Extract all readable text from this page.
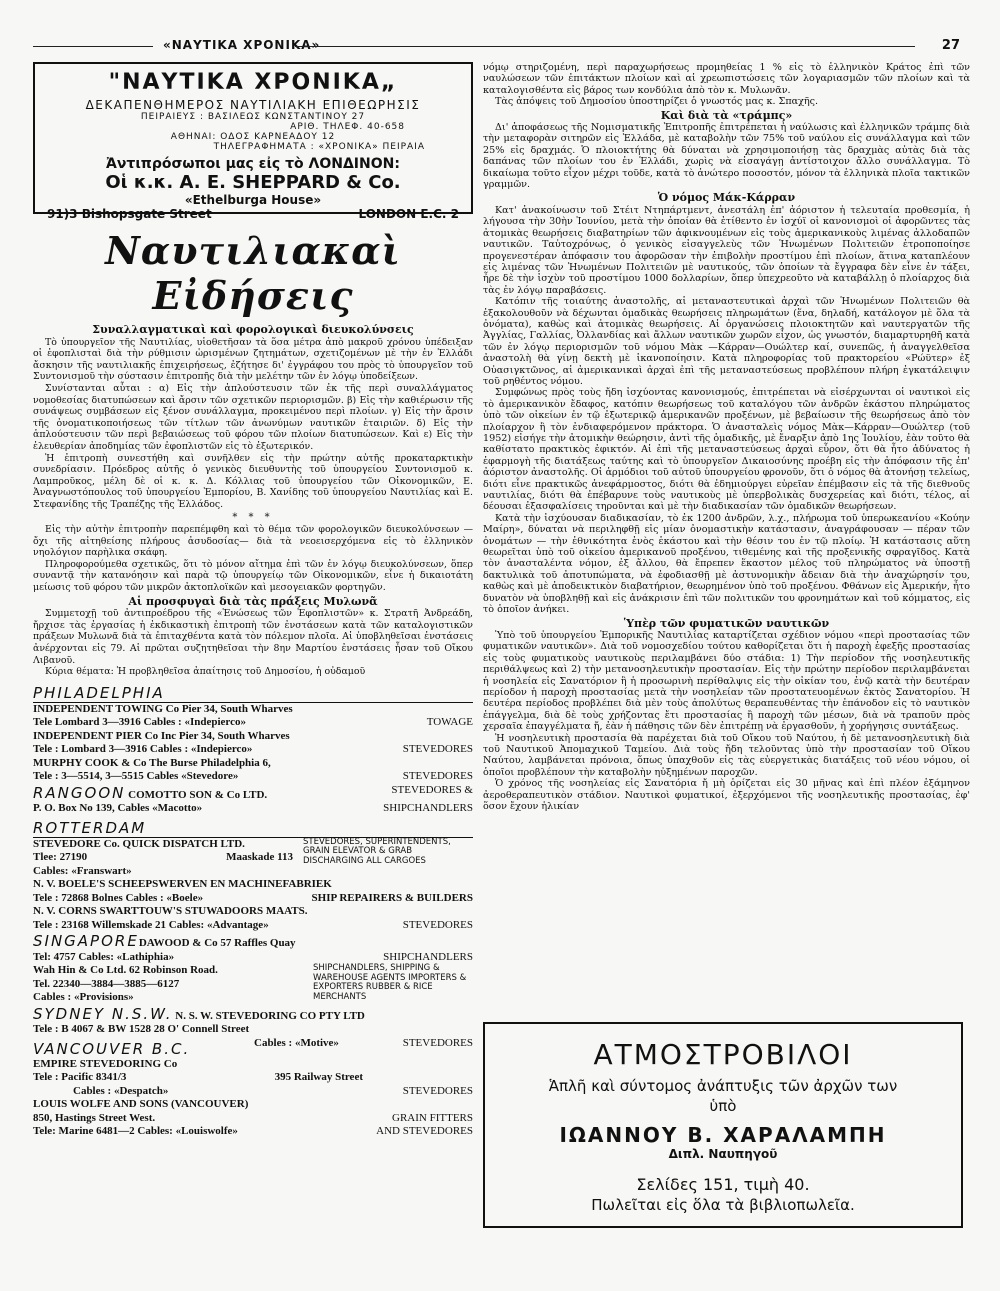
«ΝΑΥΤΙΚΑ ΧΡΟΝΙΚΑ»	27
"ΝΑΥΤΙΚΑ ΧΡΟΝΙΚΑ„
ΔΕΚΑΠΕΝΘΗΜΕΡΟΣ ΝΑΥΤΙΛΙΑΚΗ ΕΠΙΘΕΩΡΗΣΙΣ
ΠΕΙΡΑΙΕΥΣ : ΒΑΣΙΛΕΩΣ ΚΩΝΣΤΑΝΤΙΝΟΥ 27
ΑΡΙΘ. ΤΗΛΕΦ. 40-658
ΑΘΗΝΑΙ: ΟΔΟΣ ΚΑΡΝΕΑΔΟΥ 12
ΤΗΛΕΓΡΑΦΗΜΑΤΑ : «ΧΡΟΝΙΚΑ» ΠΕΙΡΑΙΑ
Ἀντιπρόσωποι μας εἰς τὸ ΛΟΝΔΙΝΟΝ:
Οἱ κ.κ. A. E. SHEPPARD & Co.
«Ethelburga House»
91)3 Bishopsgate Street	LONDON E.C. 2
Ναυτιλιακαὶ Εἰδήσεις
Συναλλαγματικαὶ καὶ φορολογικαὶ διευκολύνσεις

Τὸ ὑπουργεῖον τῆς Ναυτιλίας, υἱοθετῆσαν τὰ ὅσα μέτρα ἀπὸ μακροῦ χρόνου ὑπέδειξαν οἱ ἐφοπλισταὶ διὰ τὴν ρύθμισιν ὡρισμένων ζητημάτων, σχετιζομένων μὲ τὴν ἐν Ἑλλάδι ἄσκησιν τῆς ναυτιλιακῆς ἐπιχειρήσεως, ἐζήτησε δι' ἐγγράφου του πρὸς τὸ ὑπουργεῖον τοῦ Συντονισμοῦ τὴν σύστασιν ἐπιτροπῆς διὰ τὴν μελέτην τῶν ἐν λόγῳ ὑποδείξεων.

Συνίστανται αὗται : α) Εἰς τὴν ἀπλούστευσιν τῶν ἐκ τῆς περὶ συναλλάγματος νομοθεσίας διατυπώσεων καὶ ἄρσιν τῶν σχετικῶν περιορισμῶν. β) Εἰς τὴν καθιέρωσιν τῆς συνάψεως συμβάσεων εἰς ξένον συνάλλαγμα, προκειμένου περὶ πλοίων. γ) Εἰς τὴν ἄρσιν τῆς ὀνοματικοποιήσεως τῶν τίτλων τῶν ἀνωνύμων ναυτικῶν ἑταιριῶν. δ) Εἰς τὴν ἁπλούστευσιν τῶν περὶ βεβαιώσεως τοῦ φόρου τῶν πλοίων διατυπώσεων. Καὶ ε) Εἰς τὴν ἐλευθερίαν ἀποδημίας τῶν ἐφοπλιστῶν εἰς τὸ ἐξωτερικόν.

Ἡ ἐπιτροπὴ συνεστήθη καὶ συνῆλθεν εἰς τὴν πρώτην αὐτῆς προκαταρκτικὴν συνεδρίασιν. Πρόεδρος αὐτῆς ὁ γενικὸς διευθυντὴς τοῦ ὑπουργείου Συντονισμοῦ κ. Λαμπροῦκος, μέλη δὲ οἱ κ. κ. Δ. Κόλλιας τοῦ ὑπουργείου τῶν Οἰκονομικῶν, Ε. Ἀναγνωστόπουλος τοῦ ὑπουργείου Ἐμπορίου, Β. Χανίδης τοῦ ὑπουργείου Ναυτιλίας καὶ Ε. Στεφανίδης τῆς Τραπέζης τῆς Ἑλλάδος.

* * *

Εἰς τὴν αὐτὴν ἐπιτροπὴν παρεπέμφθη καὶ τὸ θέμα τῶν φορολογικῶν διευκολύνσεων — ὄχι τῆς αἰτηθείσης πλήρους ἀσυδοσίας— διὰ τὰ νεοεισερχόμενα εἰς τὸ ἑλληνικὸν νηολόγιον παρὴλικα σκάφη.

Πληροφορούμεθα σχετικῶς, ὅτι τὸ μόνον αἴτημα ἐπὶ τῶν ἐν λόγῳ διευκολύνσεων, ὅπερ συναντᾷ τὴν κατανόησιν καὶ παρὰ τῷ ὑπουργείῳ τῶν Οἰκονομικῶν, εἶνε ἡ δικαιοτάτη μείωσις τοῦ φόρου τῶν μικρῶν ἀκτοπλοϊκῶν καὶ μεσογειακῶν φορτηγῶν.

Αἱ προσφυγαὶ διὰ τὰς πράξεις Μυλωνᾶ

Συμμετοχῇ τοῦ ἀντιπροέδρου τῆς «Ἑνώσεως τῶν Ἐφοπλιστῶν» κ. Στρατῆ Ἀνδρεάδη, ἤρχισε τὰς ἐργασίας ἡ ἐκδικαστικὴ ἐπιτροπὴ τῶν ἐνστάσεων κατὰ τῶν καταλογιστικῶν πράξεων Μυλωνᾶ διὰ τὰ ἐπιταχθέντα κατὰ τὸν πόλεμον πλοῖα. Αἱ ὑποβληθεῖσαι ἐνστάσεις ἀνέρχονται εἰς 79. Αἱ πρῶται συζητηθεῖσαι τὴν 8ην Μαρτίου ἐνστάσεις ἦσαν τοῦ Οἴκου Λιβανοῦ.

Κύρια θέματα: Ἡ προβληθεῖσα ἀπαίτησις τοῦ Δημοσίου, ἡ οὐδαμοῦ

PHILADELPHIA
INDEPENDENT TOWING Co Pier 34, South Wharves
Tele Lombard 3—3916 Cables : «Indepierco»	TOWAGE
INDEPENDENT PIER Co Inc Pier 34, South Wharves
Tele : Lombard 3—3916 Cables : «Indepierco»	STEVEDORES
MURPHY COOK & Co The Burse Philadelphia 6,
Tele : 3—5514, 3—5515 Cables «Stevedore»	STEVEDORES
RANGOON COMOTTO SON & Co LTD.	STEVEDORES &
P. O. Box No 139, Cables «Macotto»	SHIPCHANDLERS
ROTTERDAM
STEVEDORE Co. QUICK DISPATCH LTD.
Tlee: 27190	Maaskade 113
Cables: «Franswart»
STEVEDORES, SUPERINTENDENTS, GRAIN ELEVATOR & GRAB DISCHARGING ALL CARGOES
N. V. BOELE'S SCHEEPSWERVEN EN MACHINEFABRIEK
Tele : 72868 Bolnes Cables : «Boele»	SHIP REPAIRERS & BUILDERS
N. V. CORNS SWARTTOUW'S STUWADOORS MAATS.
Tele : 23168 Willemskade 21 Cables: «Advantage»	STEVEDORES
SINGAPOREDAWOOD & Co 57 Raffles Quay
Tel: 4757 Cables: «Lathiphia»	SHIPCHANDLERS
Wah Hin & Co Ltd. 62 Robinson Road.
Tel. 22340—3884—3885—6127
Cables : «Provisions»
SHIPCHANDLERS, SHIPPING & WAREHOUSE AGENTS IMPORTERS & EXPORTERS RUBBER & RICE MERCHANTS
SYDNEY N.S.W. N. S. W. STEVEDORING CO PTY LTD
Tele : B 4067 & BW 1528 28 O' Connell Street
VANCOUVER B.C.	Cables : «Motive»	STEVEDORES
EMPIRE STEVEDORING Co
Tele : Pacific 8341/3	395 Railway Street
Cables : «Despatch»	STEVEDORES
LOUIS WOLFE AND SONS (VANCOUVER)
850, Hastings Street West.	GRAIN FITTERS
Tele: Marine 6481—2 Cables: «Louiswolfe»	AND STEVEDORES

νόμῳ στηριζομένη, περὶ παραχωρήσεως προμηθείας 1 % εἰς τὸ ἑλληνικὸν Κράτος ἐπὶ τῶν ναυλώσεων τῶν ἐπιτάκτων πλοίων καὶ αἱ χρεωπιστώσεις τῶν λογαριασμῶν τῶν πλοίων καὶ τὰ καταλογισθέντα εἰς βάρος των κονδύλια ἀπὸ τὸν κ. Μυλωνᾶν.

Τὰς ἀπόψεις τοῦ Δημοσίου ὑποστηρίζει ὁ γνωστός μας κ. Σπαχῆς.

Καὶ διὰ τὰ «τράμπς»

Δι' ἀποφάσεως τῆς Νομισματικῆς Ἐπιτροπῆς ἐπιτρέπεται ἡ ναύλωσις καὶ ἑλληνικῶν τράμπς διὰ τὴν μεταφορὰν σιτηρῶν εἰς Ἑλλάδα, μὲ καταβολὴν τῶν 75% τοῦ ναύλου εἰς συνάλλαγμα καὶ τῶν 25% εἰς δραχμάς. Ὁ πλοιοκτήτης θὰ δύναται νὰ χρησιμοποιήσῃ τὰς δραχμὰς αὐτὰς διὰ τὰς δαπάνας τῶν πλοίων του ἐν Ἑλλάδι, χωρὶς νὰ εἰσαγάγῃ ἀντίστοιχον ἄλλο συνάλλαγμα. Τὸ δικαίωμα τοῦτο εἶχον μέχρι τοῦδε, κατὰ τὸ ἀνώτερο ποσοστόν, μόνον τὰ ἑλληνικὰ πλοῖα τακτικῶν γραμμῶν.

Ὁ νόμος Μάκ-Κάρραν

Κατ' ἀνακοίνωσιν τοῦ Στέιτ Ντηπάρτμεντ, ἀνεστάλη ἐπ' ἀόριστον ἡ τελευταία προθεσμία, ἡ λήγουσα τὴν 30ὴν Ἰουνίου, μετὰ τὴν ὁποίαν θὰ ἐτίθεντο ἐν ἰσχύϊ οἱ κανονισμοὶ οἱ ἀφορῶντες τὰς ἀτομικὰς θεωρήσεις διαβατηρίων τῶν ἀφικνουμένων εἰς τοὺς ἀμερικανικοὺς λιμένας ἀλλοδαπῶν ναυτικῶν. Ταὐτοχρόνως, ὁ γενικὸς εἰσαγγελεὺς τῶν Ἡνωμένων Πολιτειῶν ἐτροποποίησε προγενεστέραν ἀπόφασιν του ἀφορῶσαν τὴν ἐπιβολὴν προστίμου ἐπὶ πλοίων, ἅτινα καταπλέουν εἰς λιμένας τῶν Ἡνωμένων Πολιτειῶν μὲ ναυτικούς, τῶν ὁποίων τὰ ἔγγραφα δὲν εἶνε ἐν τάξει, ἦρε δὲ τὴν ἰσχὺν τοῦ προστίμου 1000 δολλαρίων, ὅπερ ὑπεχρεοῦτο νὰ καταβάλλῃ ὁ πλοίαρχος διὰ τὰς ἐν λόγῳ παραβάσεις.

Κατόπιν τῆς τοιαύτης ἀναστολῆς, αἱ μεταναστευτικαὶ ἀρχαὶ τῶν Ἡνωμένων Πολιτειῶν θὰ ἐξακολουθοῦν νὰ δέχωνται ὁμαδικὰς θεωρήσεις πληρωμάτων (ἕνα, δηλαδή, κατάλογον μὲ ὅλα τὰ ὀνόματα), καθὼς καὶ ἀτομικὰς θεωρήσεις. Αἱ ὀργανώσεις πλοιοκτητῶν καὶ ναυτεργατῶν τῆς Ἀγγλίας, Γαλλίας, Ὀλλανδίας καὶ ἄλλων ναυτικῶν χωρῶν εἶχον, ὡς γνωστόν, διαμαρτυρηθῆ κατὰ τῶν ἐν λόγῳ περιορισμῶν τοῦ νόμου Μὰκ —Κάρραν—Ουώλτερ καί, συνεπῶς, ἡ ἀναγγελθεῖσα ἀναστολὴ θὰ γίνῃ δεκτὴ μὲ ἱκανοποίησιν. Κατὰ πληροφορίας τοῦ πρακτορείου «Ρώϋτερ» ἐξ Οὐασιγκτῶνος, αἱ ἀμερικανικαὶ ἀρχαὶ ἐπὶ τῆς μεταναστεύσεως προβλέπουν πλήρη ἐγκατάλειψιν τοῦ ρηθέντος νόμου.

Συμφώνως πρὸς τοὺς ἤδη ἰσχύοντας κανονισμούς, ἐπιτρέπεται νὰ εἰσέρχωνται οἱ ναυτικοὶ εἰς τὸ ἀμερικανικὸν ἔδαφος, κατόπιν θεωρήσεως τοῦ καταλόγου τῶν ἀνδρῶν ἑκάστου πληρώματος ὑπὸ τῶν οἰκείων ἐν τῷ ἐξωτερικῷ ἀμερικανῶν προξένων, μὲ βεβαίωσιν τῆς θεωρήσεως ἀπὸ τὸν πλοίαρχον ἢ τὸν ἐνδιαφερόμενον πράκτορα. Ὁ ἀνασταλεὶς νόμος Μὰκ—Κάρραν—Ουώλτερ (τοῦ 1952) εἰσήγε τὴν ἀτομικὴν θεώρησιν, ἀντὶ τῆς ὁμαδικῆς, μὲ ἔναρξιν ἀπὸ 1ης Ἰουλίου, ἐὰν τοῦτο θὰ καθίστατο πρακτικὸς ἐφικτόν. Αἱ ἐπὶ τῆς μεταναστεύσεως ἀρχαὶ εὗρον, ὅτι θὰ ἦτο ἀδύνατος ἡ ἐφαρμογὴ τῆς διατάξεως ταύτης καὶ τὸ ὑπουργεῖον Δικαιοσύνης προέβη εἰς τὴν ἀπόφασιν τῆς ἐπ' ἀόριστον ἀναστολῆς. Οἱ ἁρμόδιοι τοῦ αὐτοῦ ὑπουργείου φρονοῦν, ὅτι ὁ νόμος θὰ ἀτονήσῃ τελείως, διότι εἶνε πρακτικῶς ἀνεφάρμοστος, διότι θὰ ἐδημιούργει εὐρεῖαν ἐπέμβασιν εἰς τὰ τῆς διεθνοῦς ναυτιλίας, διότι θὰ ἐπέβαρυνε τοὺς ναυτικοὺς μὲ ὑπερβολικὰς δυσχερείας καὶ διότι, τέλος, αἱ δέουσαι ἐξασφαλίσεις τηροῦνται καὶ μὲ τὴν διαδικασίαν τῶν ὁμαδικῶν θεωρήσεων.

Κατὰ τὴν ἰσχύουσαν διαδικασίαν, τὸ ἐκ 1200 ἀνδρῶν, λ.χ., πλήρωμα τοῦ ὑπερωκεανίου «Κούην Μαίρη», δύναται νὰ περιληφθῇ εἰς μίαν ὀνομαστικὴν κατάστασιν, ἀναγράφουσαν — πέραν τῶν ὀνομάτων — τὴν ἐθνικότητα ἑνὸς ἑκάστου καὶ τὴν θέσιν του ἐν τῷ πλοίῳ. Ἡ κατάστασις αὕτη θεωρεῖται ὑπὸ τοῦ οἰκείου ἀμερικανοῦ προξένου, τιθεμένης καὶ τῆς προξενικῆς σφραγῖδος. Κατὰ τὸν ἀνασταλέντα νόμον, ἐξ ἄλλου, θὰ ἔπρεπεν ἕκαστον μέλος τοῦ πληρώματος νὰ ὑποστῇ δακτυλικὰ τοῦ ἀποτυπώματα, νὰ ἐφοδιασθῇ μὲ ἀστυνομικὴν ἄδειαν διὰ τὴν ἀναχώρησίν του, καθὼς καὶ μὲ ἀποδεικτικὸν διαβατήριον, θεωρημένον ὑπὸ τοῦ προξένου. Φθάνων εἰς Ἀμερικήν, ἦτο δυνατὸν νὰ ὑποβληθῇ καὶ εἰς ἀνάκρισιν ἐπὶ τῶν πολιτικῶν του φρονημάτων καὶ τοῦ κόμματος, εἰς τὸ ὁποῖον ἀνήκει.

Ὑπὲρ τῶν φυματικῶν ναυτικῶν

Ὑπὸ τοῦ ὑπουργείου Ἐμπορικῆς Ναυτιλίας καταρτίζεται σχέδιον νόμου «περὶ προστασίας τῶν φυματικῶν ναυτικῶν». Διὰ τοῦ νομοσχεδίου τούτου καθορίζεται ὅτι ἡ παροχὴ ἐφεξῆς προστασίας εἰς τοὺς φυματικοὺς ναυτικοὺς περιλαμβάνει δύο στάδια: 1) Τὴν περίοδον τῆς νοσηλευτικῆς περιθάλψεως καὶ 2) τὴν μετανοσηλευτικὴν προστασίαν. Εἰς τὴν πρώτην περίοδον περιλαμβάνεται ἡ νοσηλεία εἰς Σανατόριον ἢ ἡ προσωρινὴ περίθαλψις εἰς τὴν οἰκίαν του, ἐνῷ κατὰ τὴν δευτέραν περίοδον ἡ παροχὴ προστασίας μετὰ τὴν νοσηλείαν τῶν προστατευομένων ἐκτὸς Σανατορίου. Ἡ δευτέρα περίοδος προβλέπει διὰ μὲν τοὺς ἀπολύτως θεραπευθέντας τὴν ἐπάνοδον εἰς τὸ ναυτικὸν ἐπάγγελμα, διὰ δὲ τοὺς χρήζοντας ἔτι προστασίας ἢ παροχὴ τῶν μέσων, διὰ νὰ τραποῦν πρὸς χερσαῖα ἐπαγγέλματα ἤ, ἐὰν ἡ πάθησις τῶν δὲν ἐπιτρέπῃ νὰ ἐργασθοῦν, ἡ χορήγησις συντάξεως.

Ἡ νοσηλευτικὴ προστασία θὰ παρέχεται διὰ τοῦ Οἴκου τοῦ Ναύτου, ἡ δὲ μετανοσηλευτικὴ διὰ τοῦ Ναυτικοῦ Ἀπομαχικοῦ Ταμείου. Διὰ τοὺς ἤδη τελοῦντας ὑπὸ τὴν προστασίαν τοῦ Οἴκου Ναύτου, λαμβάνεται πρόνοια, ὅπως ὑπαχθοῦν εἰς τὰς εὐεργετικὰς διατάξεις τοῦ νέου νόμου, οἱ ὁποῖοι προβλέπουν τὴν καταβολὴν ηὐξημένων παροχῶν.

Ὁ χρόνος τῆς νοσηλείας εἰς Σανατόρια ἤ μὴ ὁρίζεται εἰς 30 μῆνας καὶ ἐπὶ πλέον ἑξάμηνον ἀεροθεραπευτικὸν στάδιον. Ναυτικοὶ φυματικοί, ἐξερχόμενοι τῆς νοσηλευτικῆς προστασίας, ἐφ' ὅσον ἔχουν ἡλικίαν

ΑΤΜΟΣΤΡΟΒΙΛΟΙ
Ἁπλῆ καὶ σύντομος ἀνάπτυξις τῶν ἀρχῶν των
ὑπὸ
ΙΩΑΝΝΟΥ Β. ΧΑΡΑΛΑΜΠΗ
Διπλ. Ναυπηγοῦ
Σελίδες 151, τιμὴ 40.
Πωλεῖται εἰς ὅλα τὰ βιβλιοπωλεῖα.
